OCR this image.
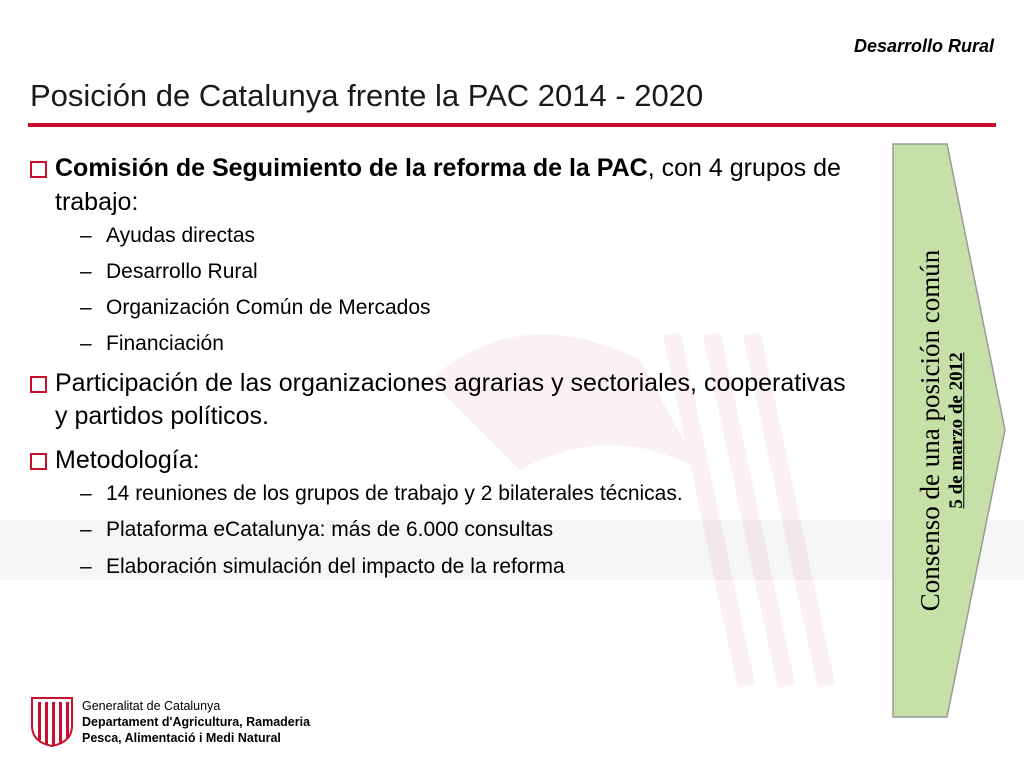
Desarrollo Rural
Posición de Catalunya frente la PAC 2014 - 2020
Comisión de Seguimiento de la reforma de la PAC, con 4 grupos de trabajo:
– Ayudas directas
– Desarrollo Rural
– Organización Común de Mercados
– Financiación
Participación de las organizaciones agrarias y sectoriales, cooperativas y partidos políticos.
Metodología:
– 14 reuniones de los grupos de trabajo y 2 bilaterales técnicas.
– Plataforma eCatalunya: más de 6.000 consultas
– Elaboración simulación del impacto de la reforma	Consenso de una posición común 5 de marzo de 2012
Generalitat de Catalunya
Departament d'Agricultura, Ramaderia
Pesca, Alimentació i Medi Natural
